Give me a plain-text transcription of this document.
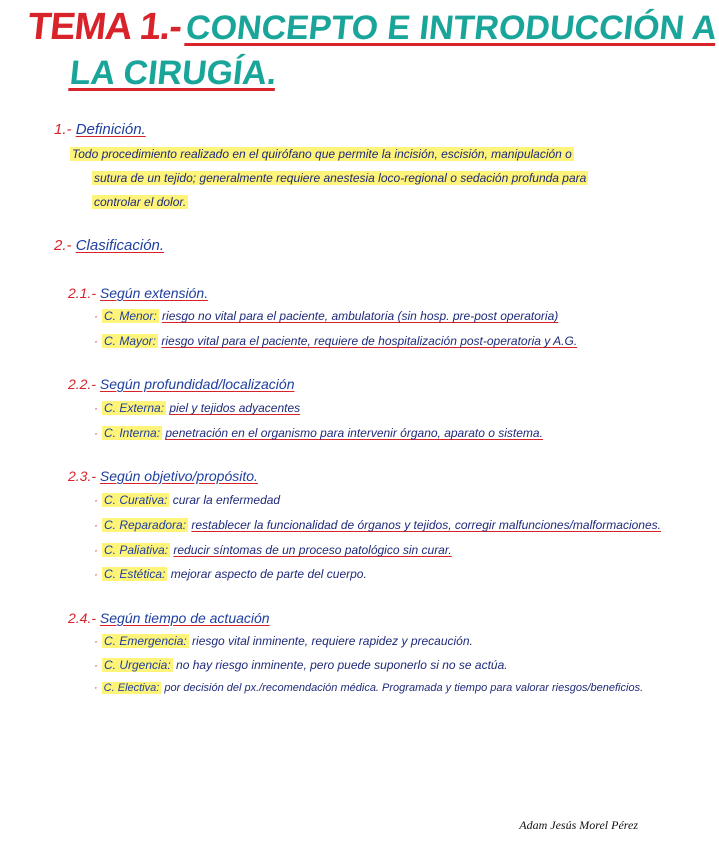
TEMA 1.- CONCEPTO E INTRODUCCIÓN A
LA CIRUGÍA.
1.- Definición.
Todo procedimiento realizado en el quirófano que permite la incisión, escisión, manipulación o
sutura de un tejido; generalmente requiere anestesia loco-regional o sedación profunda para
controlar el dolor.
2.- Clasificación.
2.1.- Según extensión.
· C. Menor: riesgo no vital para el paciente, ambulatoria (sin hosp. pre-post operatoria)
· C. Mayor: riesgo vital para el paciente, requiere de hospitalización post-operatoria y A.G.
2.2.- Según profundidad/localización
· C. Externa: piel y tejidos adyacentes
· C. Interna: penetración en el organismo para intervenir órgano, aparato o sistema.
2.3.- Según objetivo/propósito.
· C. Curativa: curar la enfermedad
· C. Reparadora: restablecer la funcionalidad de órganos y tejidos, corregir malfunciones/malformaciones.
· C. Paliativa: reducir síntomas de un proceso patológico sin curar.
· C. Estética: mejorar aspecto de parte del cuerpo.
2.4.- Según tiempo de actuación
· C. Emergencia: riesgo vital inminente, requiere rapidez y precaución.
· C. Urgencia: no hay riesgo inminente, pero puede suponerlo si no se actúa.
· C. Electiva: por decisión del px./recomendación médica. Programada y tiempo para valorar riesgos/beneficios.
Adam Jesús Morel Pérez
